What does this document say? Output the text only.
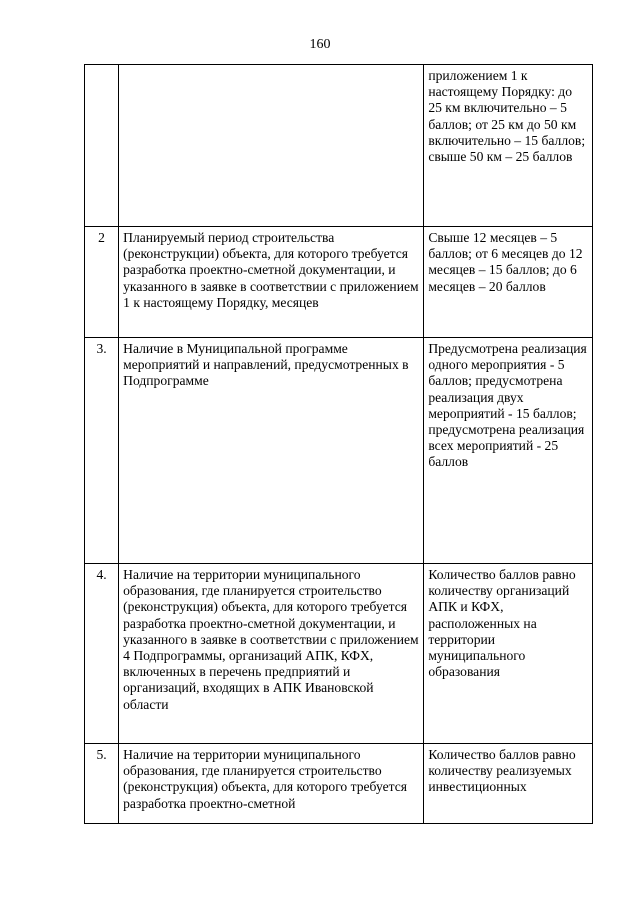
160
		приложением 1 к настоящему Порядку: до 25 км включительно – 5 баллов; от 25 км до 50 км включительно – 15 баллов; свыше 50 км – 25 баллов
2	Планируемый период строительства (реконструкции) объекта, для которого требуется разработка проектно-сметной документации, и указанного в заявке в соответствии с приложением 1 к настоящему Порядку, месяцев	Свыше 12 месяцев – 5 баллов; от 6 месяцев до 12 месяцев – 15 баллов; до 6 месяцев – 20 баллов
3.	Наличие в Муниципальной программе мероприятий и направлений, предусмотренных в Подпрограмме	Предусмотрена реализация одного мероприятия - 5 баллов; предусмотрена реализация двух мероприятий - 15 баллов; предусмотрена реализация всех мероприятий - 25 баллов
4.	Наличие на территории муниципального образования, где планируется строительство (реконструкция) объекта, для которого требуется разработка проектно-сметной документации, и указанного в заявке в соответствии с приложением 4 Подпрограммы, организаций АПК, КФХ, включенных в перечень предприятий и организаций, входящих в АПК Ивановской области	Количество баллов равно количеству организаций АПК и КФХ, расположенных на территории муниципального образования
5.	Наличие на территории муниципального образования, где планируется строительство (реконструкция) объекта, для которого требуется разработка проектно-сметной	Количество баллов равно количеству реализуемых инвестиционных
